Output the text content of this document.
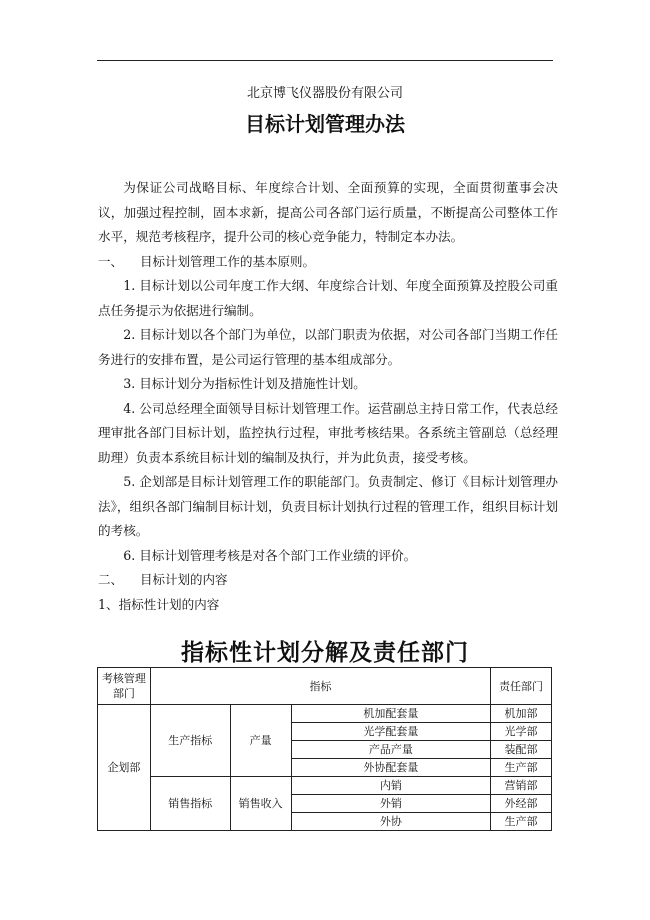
北京博飞仪器股份有限公司
目标计划管理办法

为保证公司战略目标、年度综合计划、全面预算的实现，全面贯彻董事会决议，加强过程控制，固本求新，提高公司各部门运行质量，不断提高公司整体工作水平，规范考核程序，提升公司的核心竞争能力，特制定本办法。

一、 目标计划管理工作的基本原则。

1. 目标计划以公司年度工作大纲、年度综合计划、年度全面预算及控股公司重点任务提示为依据进行编制。

2. 目标计划以各个部门为单位，以部门职责为依据，对公司各部门当期工作任务进行的安排布置，是公司运行管理的基本组成部分。

3. 目标计划分为指标性计划及措施性计划。

4. 公司总经理全面领导目标计划管理工作。运营副总主持日常工作，代表总经理审批各部门目标计划，监控执行过程，审批考核结果。各系统主管副总（总经理助理）负责本系统目标计划的编制及执行，并为此负责，接受考核。

5. 企划部是目标计划管理工作的职能部门。负责制定、修订《目标计划管理办法》，组织各部门编制目标计划，负责目标计划执行过程的管理工作，组织目标计划的考核。

6. 目标计划管理考核是对各个部门工作业绩的评价。

二、 目标计划的内容
1、指标性计划的内容
指标性计划分解及责任部门
考核管理部门	指标			责任部门
企划部	生产指标	产量	机加配套量	机加部
			光学配套量	光学部
			产品产量	装配部
			外协配套量	生产部
	销售指标	销售收入	内销	营销部
			外销	外经部
			外协	生产部
